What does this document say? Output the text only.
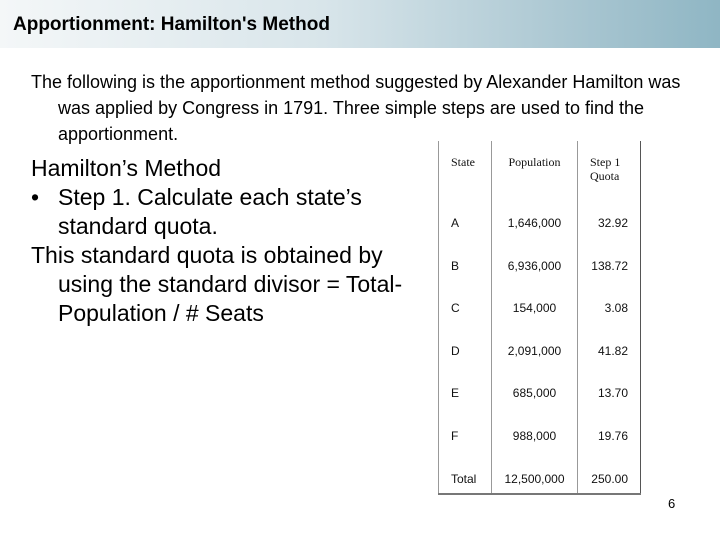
Apportionment: Hamilton's Method
The following is the apportionment method suggested by Alexander Hamilton was was applied by Congress in 1791. Three simple steps are used to find the apportionment.
Hamilton’s Method
• Step 1. Calculate each state’s standard quota.
This standard quota is obtained by using the standard divisor = Total-Population / # Seats
State	Population	Step 1 Quota
A	1,646,000	32.92
B	6,936,000	138.72
C	154,000	3.08
D	2,091,000	41.82
E	685,000	13.70
F	988,000	19.76
Total	12,500,000	250.00
6
